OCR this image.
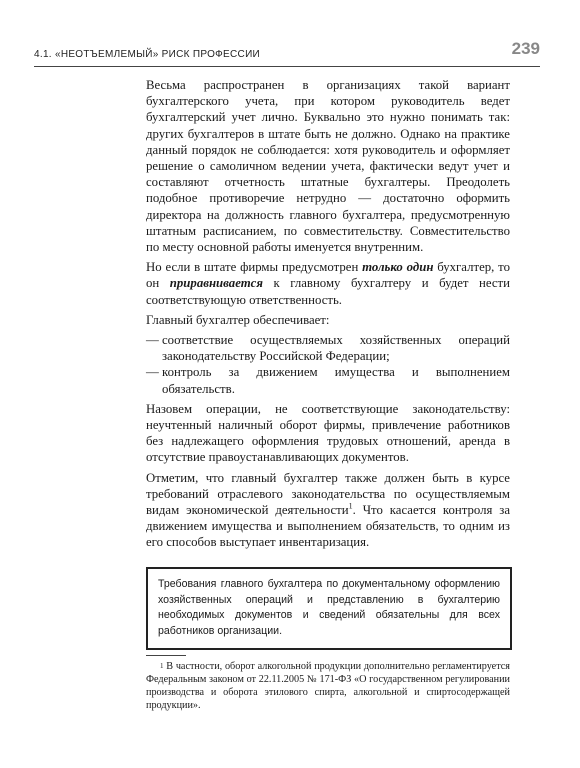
4.1. «НЕОТЪЕМЛЕМЫЙ» РИСК ПРОФЕССИИ	239

Весьма распространен в организациях такой вариант бухгалтерского учета, при котором руководитель ведет бухгалтерский учет лично. Буквально это нужно понимать так: других бухгалтеров в штате быть не должно. Однако на практике данный порядок не соблюдается: хотя руководитель и оформляет решение о самоличном ведении учета, фактически ведут учет и составляют отчетность штатные бухгалтеры. Преодолеть подобное противоречие нетрудно — достаточно оформить директора на должность главного бухгалтера, предусмотренную штатным расписанием, по совместительству. Совместительство по месту основной работы именуется внутренним.

Но если в штате фирмы предусмотрен только один бухгалтер, то он приравнивается к главному бухгалтеру и будет нести соответствующую ответственность.

Главный бухгалтер обеспечивает:

— соответствие осуществляемых хозяйственных операций законодательству Российской Федерации;
— контроль за движением имущества и выполнением обязательств.

Назовем операции, не соответствующие законодательству: неучтенный наличный оборот фирмы, привлечение работников без надлежащего оформления трудовых отношений, аренда в отсутствие правоустанавливающих документов.

Отметим, что главный бухгалтер также должен быть в курсе требований отраслевого законодательства по осуществляемым видам экономической деятельности$^1$. Что касается контроля за движением имущества и выполнением обязательств, то одним из его способов выступает инвентаризация.

Требования главного бухгалтера по документальному оформлению хозяйственных операций и представлению в бухгалтерию необходимых документов и сведений обязательны для всех работников организации.
$^1$ В частности, оборот алкогольной продукции дополнительно регламентируется Федеральным законом от 22.11.2005 № 171-ФЗ «О государственном регулировании производства и оборота этилового спирта, алкогольной и спиртосодержащей продукции».
